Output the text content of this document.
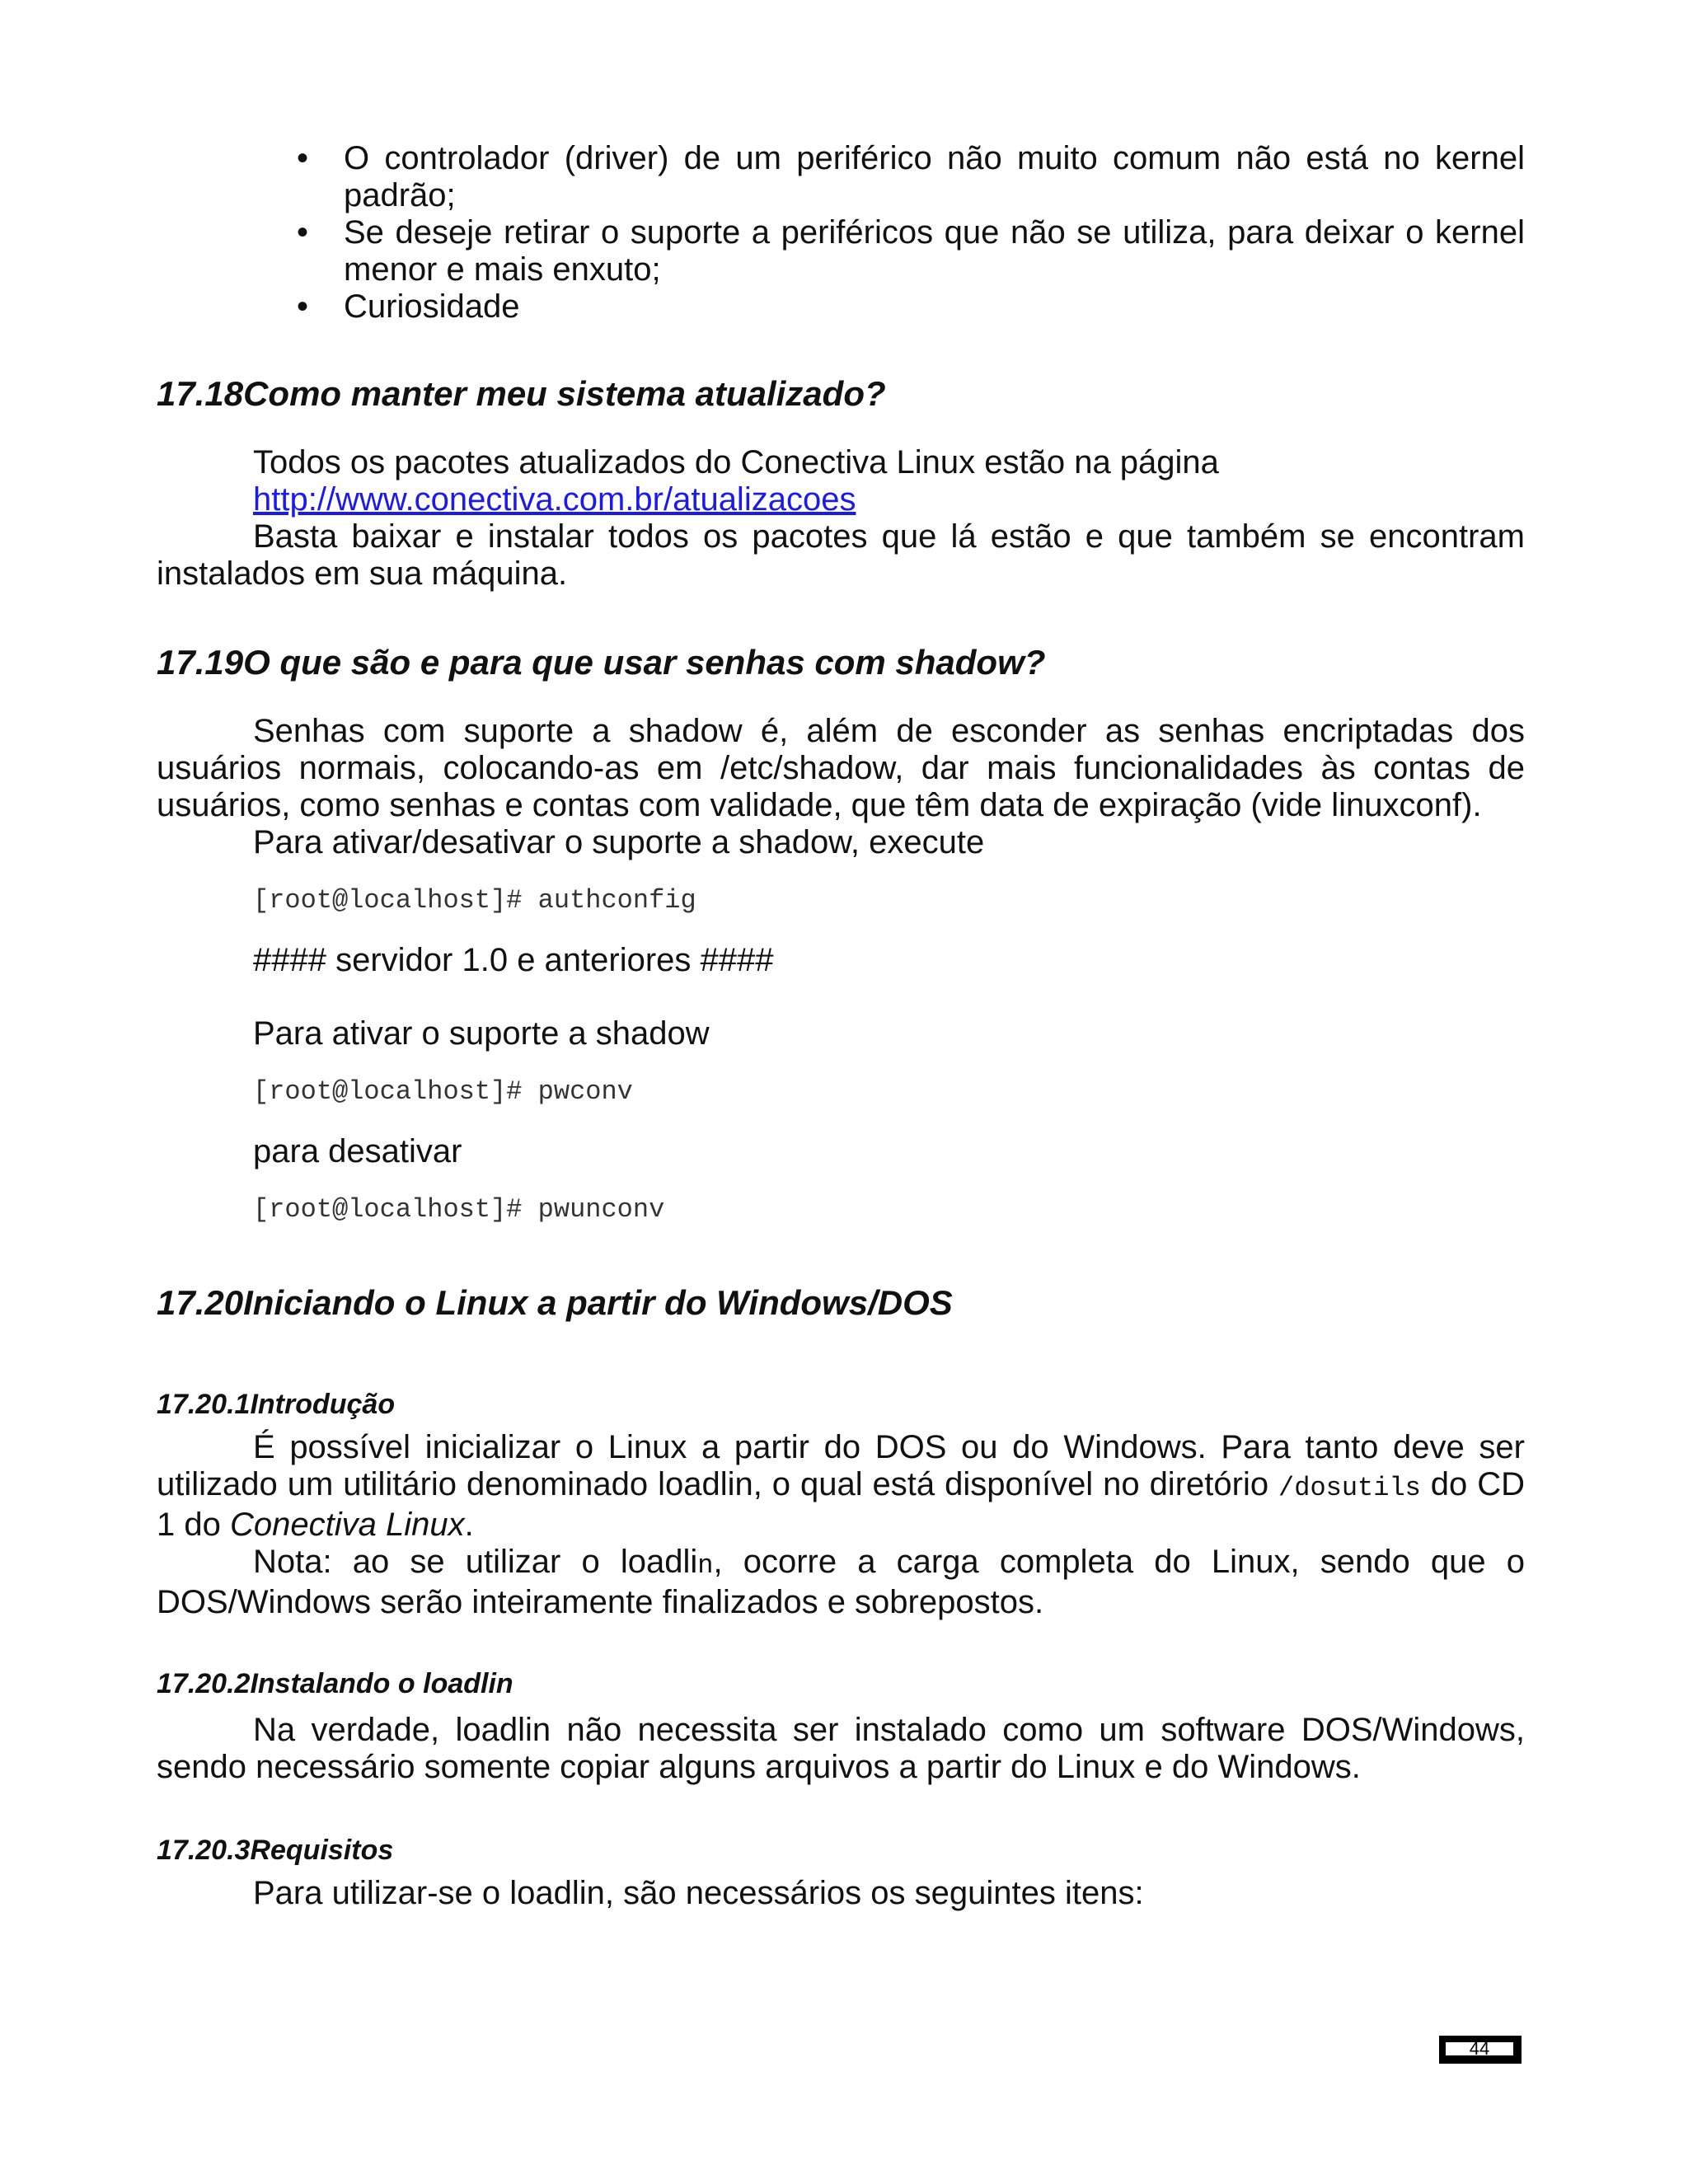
• O controlador (driver) de um periférico não muito comum não está no kernel padrão;
• Se deseje retirar o suporte a periféricos que não se utiliza, para deixar o kernel menor e mais enxuto;
• Curiosidade
17.18Como manter meu sistema atualizado?

Todos os pacotes atualizados do Conectiva Linux estão na página

http://www.conectiva.com.br/atualizacoes

Basta baixar e instalar todos os pacotes que lá estão e que também se encontram instalados em sua máquina.

17.19O que são e para que usar senhas com shadow?

Senhas com suporte a shadow é, além de esconder as senhas encriptadas dos usuários normais, colocando-as em /etc/shadow, dar mais funcionalidades às contas de usuários, como senhas e contas com validade, que têm data de expiração (vide linuxconf).

Para ativar/desativar o suporte a shadow, execute

[root@localhost]# authconfig

#### servidor 1.0 e anteriores ####

Para ativar o suporte a shadow

[root@localhost]# pwconv

para desativar

[root@localhost]# pwunconv
17.20Iniciando o Linux a partir do Windows/DOS
17.20.1Introdução

É possível inicializar o Linux a partir do DOS ou do Windows. Para tanto deve ser utilizado um utilitário denominado loadlin, o qual está disponível no diretório /dosutils do CD 1 do Conectiva Linux.

Nota: ao se utilizar o loadlin, ocorre a carga completa do Linux, sendo que o DOS/Windows serão inteiramente finalizados e sobrepostos.

17.20.2Instalando o loadlin

Na verdade, loadlin não necessita ser instalado como um software DOS/Windows, sendo necessário somente copiar alguns arquivos a partir do Linux e do Windows.

17.20.3Requisitos

Para utilizar-se o loadlin, são necessários os seguintes itens:

44
